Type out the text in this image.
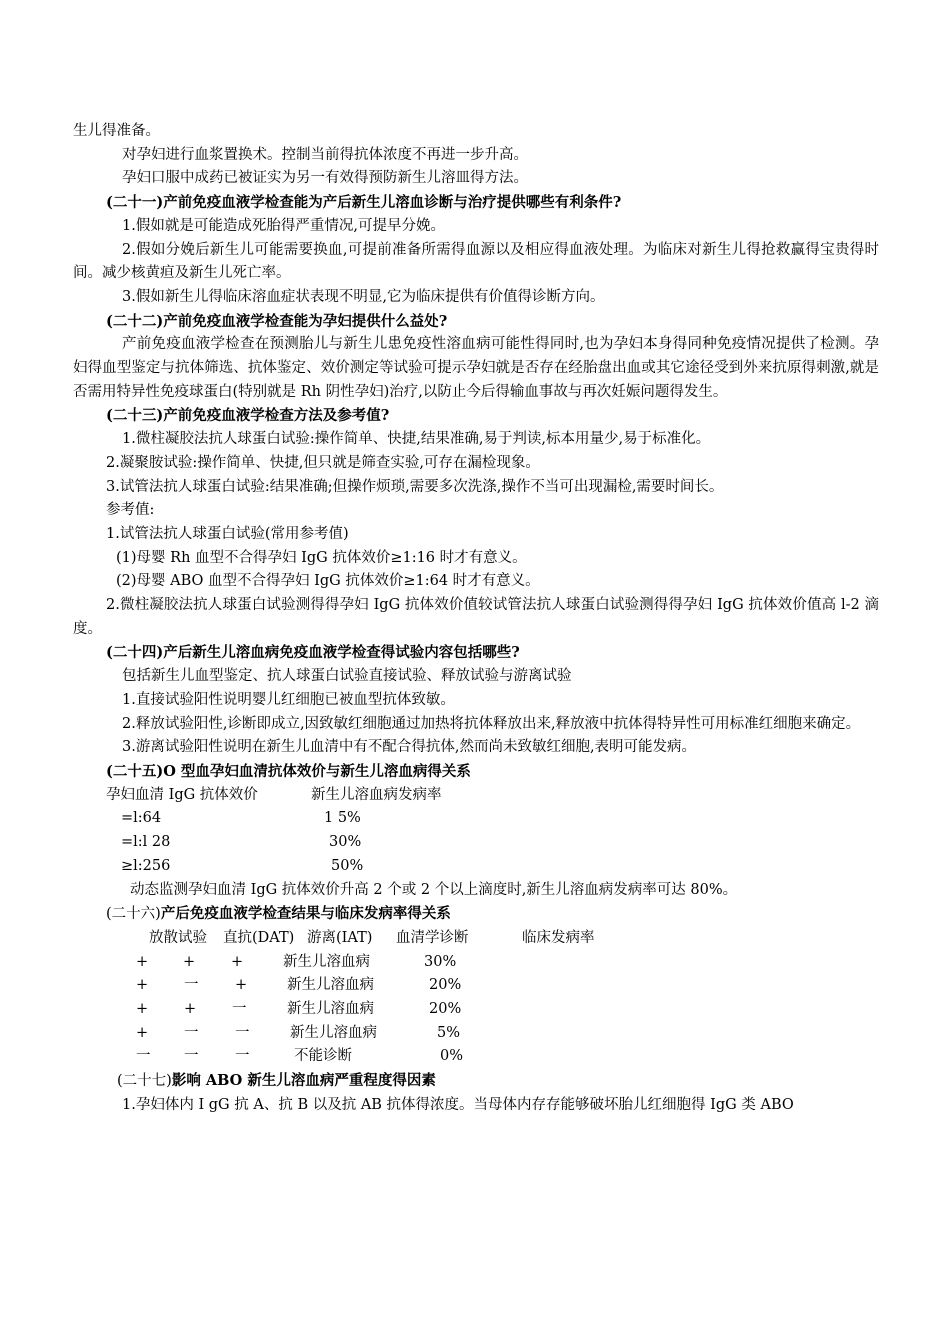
生儿得准备。

对孕妇进行血浆置换术。控制当前得抗体浓度不再进一步升高。

孕妇口服中成药已被证实为另一有效得预防新生儿溶皿得方法。

(二十一)产前免疫血液学检查能为产后新生儿溶血诊断与治疗提供哪些有利条件?

1.假如就是可能造成死胎得严重情况,可提早分娩。

2.假如分娩后新生儿可能需要换血,可提前准备所需得血源以及相应得血液处理。为临床对新生儿得抢救赢得宝贵得时间。减少核黄疸及新生儿死亡率。

3.假如新生儿得临床溶血症状表现不明显,它为临床提供有价值得诊断方向。

(二十二)产前免疫血液学检查能为孕妇提供什么益处?

产前免疫血液学检查在预测胎儿与新生儿患免疫性溶血病可能性得同时,也为孕妇本身得同种免疫情况提供了检测。孕妇得血型鉴定与抗体筛选、抗体鉴定、效价测定等试验可提示孕妇就是否存在经胎盘出血或其它途径受到外来抗原得刺激,就是否需用特异性免疫球蛋白(特别就是 Rh 阴性孕妇)治疗,以防止今后得输血事故与再次妊娠问题得发生。

(二十三)产前免疫血液学检查方法及参考值?

1.微柱凝胶法抗人球蛋白试验:操作简单、快捷,结果准确,易于判读,标本用量少,易于标准化。

2.凝聚胺试验:操作简单、快捷,但只就是筛查实验,可存在漏检现象。

3.试管法抗人球蛋白试验:结果准确;但操作烦琐,需要多次洗涤,操作不当可出现漏检,需要时间长。

参考值:

1.试管法抗人球蛋白试验(常用参考值)

(1)母婴 Rh 血型不合得孕妇 IgG 抗体效价≥1:16 时才有意义。

(2)母婴 ABO 血型不合得孕妇 IgG 抗体效价≥1:64 时才有意义。

2.微柱凝胶法抗人球蛋白试验测得得孕妇 IgG 抗体效价值较试管法抗人球蛋白试验测得得孕妇 IgG 抗体效价值高 l-2 滴度。

(二十四)产后新生儿溶血病免疫血液学检查得试验内容包括哪些?

包括新生儿血型鉴定、抗人球蛋白试验直接试验、释放试验与游离试验

1.直接试验阳性说明婴儿红细胞已被血型抗体致敏。

2.释放试验阳性,诊断即成立,因致敏红细胞通过加热将抗体释放出来,释放液中抗体得特异性可用标准红细胞来确定。

3.游离试验阳性说明在新生儿血清中有不配合得抗体,然而尚未致敏红细胞,表明可能发病。

(二十五)O 型血孕妇血清抗体效价与新生儿溶血病得关系

孕妇血清 IgG 抗体效价	新生儿溶血病发病率
=l:64	1 5%
=l:l 28	30%
≥l:256	50%

动态监测孕妇血清 IgG 抗体效价升高 2 个或 2 个以上滴度时,新生儿溶血病发病率可达 80%。

(二十六)产后免疫血液学检查结果与临床发病率得关系

放散试验	直抗(DAT) 游离(IAT)	血清学诊断	临床发病率
+	+	+	新生儿溶血病	30%
+	一	+	新生儿溶血病	20%
+	+	一	新生儿溶血病	20%
+	一	一	新生儿溶血病	5%
一	一	一	不能诊断	0%

(二十七)影响 ABO 新生儿溶血病严重程度得因素

1.孕妇体内 I gG 抗 A、抗 B 以及抗 AB 抗体得浓度。当母体内存存能够破坏胎儿红细胞得 IgG 类 ABO
